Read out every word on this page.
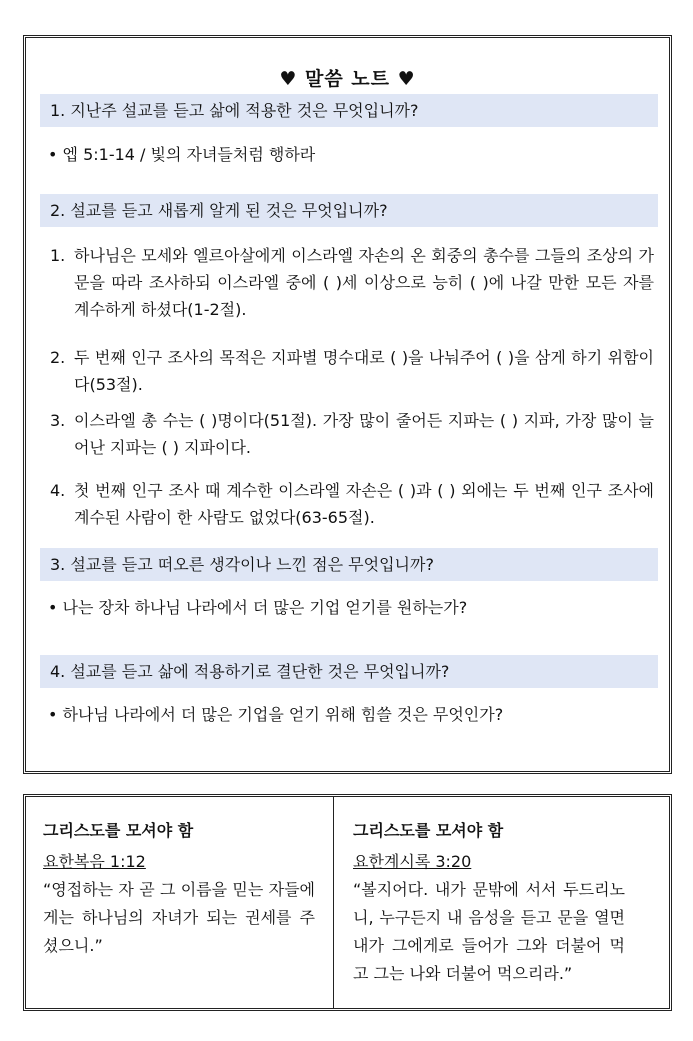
♥ 말씀 노트 ♥
1. 지난주 설교를 듣고 삶에 적용한 것은 무엇입니까?
• 엡 5:1-14 / 빛의 자녀들처럼 행하라
2. 설교를 듣고 새롭게 알게 된 것은 무엇입니까?
1. 하나님은 모세와 엘르아살에게 이스라엘 자손의 온 회중의 총수를 그들의 조상의 가문을 따라 조사하되 이스라엘 중에 ( )세 이상으로 능히 ( )에 나갈 만한 모든 자를 계수하게 하셨다(1-2절).
2. 두 번째 인구 조사의 목적은 지파별 명수대로 ( )을 나눠주어 ( )을 삼게 하기 위함이다(53절).
3. 이스라엘 총 수는 ( )명이다(51절). 가장 많이 줄어든 지파는 ( ) 지파, 가장 많이 늘어난 지파는 ( ) 지파이다.
4. 첫 번째 인구 조사 때 계수한 이스라엘 자손은 ( )과 ( ) 외에는 두 번째 인구 조사에 계수된 사람이 한 사람도 없었다(63-65절).
3. 설교를 듣고 떠오른 생각이나 느낀 점은 무엇입니까?
• 나는 장차 하나님 나라에서 더 많은 기업 얻기를 원하는가?
4. 설교를 듣고 삶에 적용하기로 결단한 것은 무엇입니까?
• 하나님 나라에서 더 많은 기업을 얻기 위해 힘쓸 것은 무엇인가?
그리스도를 모셔야 함
요한복음 1:12
“영접하는 자 곧 그 이름을 믿는 자들에게는 하나님의 자녀가 되는 권세를 주셨으니.”
그리스도를 모셔야 함
요한계시록 3:20
“볼지어다. 내가 문밖에 서서 두드리노니, 누구든지 내 음성을 듣고 문을 열면 내가 그에게로 들어가 그와 더불어 먹고 그는 나와 더불어 먹으리라.”
